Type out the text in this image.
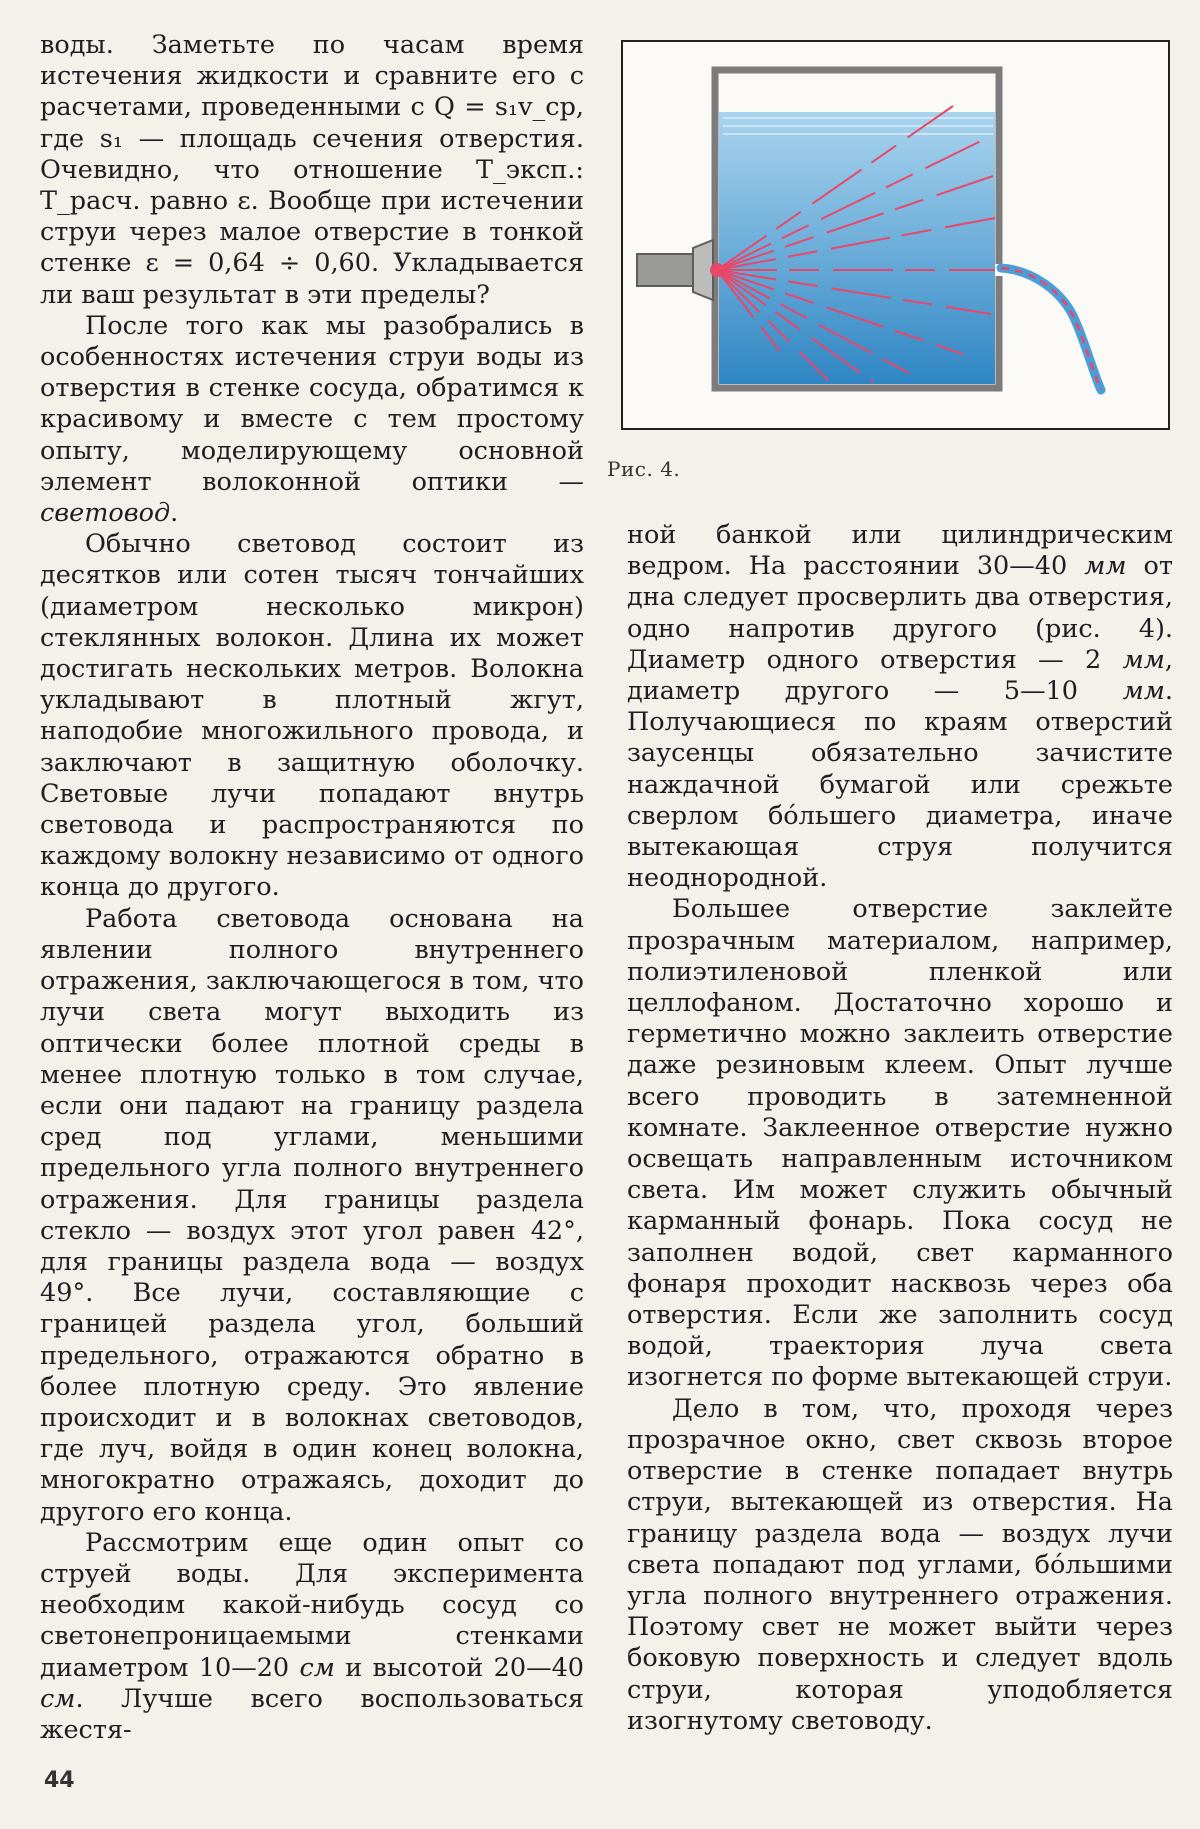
воды. Заметьте по часам время истечения жидкости и сравните его с расчетами, проведенными с Q = s₁v_ср, где s₁ — площадь сечения отверстия. Очевидно, что отношение T_эксп.: T_расч. равно ε. Вообще при истечении струи через малое отверстие в тонкой стенке ε = 0,64 ÷ 0,60. Укладывается ли ваш результат в эти пределы?

После того как мы разобрались в особенностях истечения струи воды из отверстия в стенке сосуда, обратимся к красивому и вместе с тем простому опыту, моделирующему основной элемент волоконной оптики — световод.

Обычно световод состоит из десятков или сотен тысяч тончайших (диаметром несколько микрон) стеклянных волокон. Длина их может достигать нескольких метров. Волокна укладывают в плотный жгут, наподобие многожильного провода, и заключают в защитную оболочку. Световые лучи попадают внутрь световода и распространяются по каждому волокну независимо от одного конца до другого.

Работа световода основана на явлении полного внутреннего отражения, заключающегося в том, что лучи света могут выходить из оптически более плотной среды в менее плотную только в том случае, если они падают на границу раздела сред под углами, меньшими предельного угла полного внутреннего отражения. Для границы раздела стекло — воздух этот угол равен 42°, для границы раздела вода — воздух 49°. Все лучи, составляющие с границей раздела угол, больший предельного, отражаются обратно в более плотную среду. Это явление происходит и в волокнах световодов, где луч, войдя в один конец волокна, многократно отражаясь, доходит до другого его конца.

Рассмотрим еще один опыт со струей воды. Для эксперимента необходим какой-нибудь сосуд со светонепроницаемыми стенками диаметром 10—20 см и высотой 20—40 см. Лучше всего воспользоваться жестя-

Рис. 4.

ной банкой или цилиндрическим ведром. На расстоянии 30—40 мм от дна следует просверлить два отверстия, одно напротив другого (рис. 4). Диаметр одного отверстия — 2 мм, диаметр другого — 5—10 мм. Получающиеся по краям отверстий заусенцы обязательно зачистите наждачной бумагой или срежьте сверлом бóльшего диаметра, иначе вытекающая струя получится неоднородной.

Большее отверстие заклейте прозрачным материалом, например, полиэтиленовой пленкой или целлофаном. Достаточно хорошо и герметично можно заклеить отверстие даже резиновым клеем. Опыт лучше всего проводить в затемненной комнате. Заклеенное отверстие нужно освещать направленным источником света. Им может служить обычный карманный фонарь. Пока сосуд не заполнен водой, свет карманного фонаря проходит насквозь через оба отверстия. Если же заполнить сосуд водой, траектория луча света изогнется по форме вытекающей струи.

Дело в том, что, проходя через прозрачное окно, свет сквозь второе отверстие в стенке попадает внутрь струи, вытекающей из отверстия. На границу раздела вода — воздух лучи света попадают под углами, бóльшими угла полного внутреннего отражения. Поэтому свет не может выйти через боковую поверхность и следует вдоль струи, которая уподобляется изогнутому световоду.

44
